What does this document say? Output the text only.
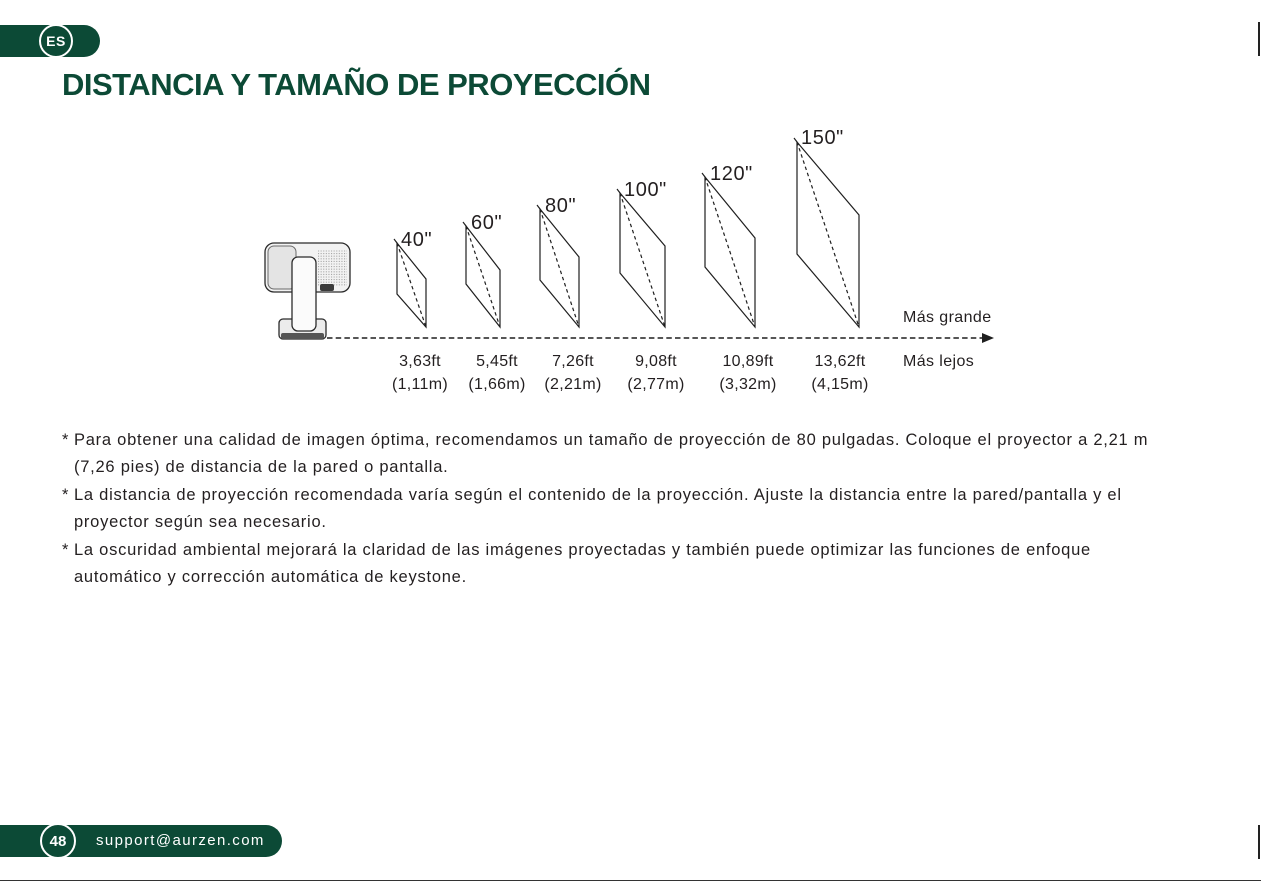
ES
DISTANCIA Y TAMAÑO DE PROYECCIÓN
40"
60"
80"
100"
120"
150"
3,63ft
(1,11m)
5,45ft
(1,66m)
7,26ft
(2,21m)
9,08ft
(2,77m)
10,89ft
(3,32m)
13,62ft
(4,15m)
Más grande
Más lejos
* Para obtener una calidad de imagen óptima, recomendamos un tamaño de proyección de 80 pulgadas. Coloque el proyector a 2,21 m
(7,26 pies) de distancia de la pared o pantalla.
* La distancia de proyección recomendada varía según el contenido de la proyección. Ajuste la distancia entre la pared/pantalla y el
proyector según sea necesario.
* La oscuridad ambiental mejorará la claridad de las imágenes proyectadas y también puede optimizar las funciones de enfoque
automático y corrección automática de keystone.
48	support@aurzen.com
